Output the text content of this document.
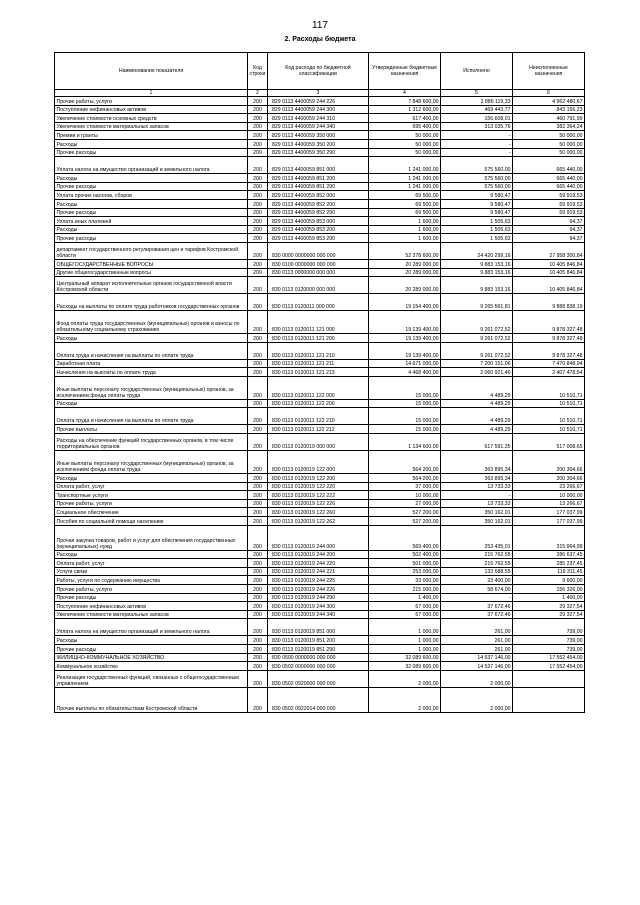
117
2. Расходы бюджета
Наименование показателя	Код строки	Код расхода по бюджетной классификации	Утвержденные бюджетные назначения	Исполнено	Неисполненные назначения
1	2	3	4	5	6
Прочие работы, услуги	200	829 0113 4400059 244 226	7 848 600,00	2 886 119,33	4 962 480,67
Поступление нефинансовых активов	200	829 0113 4400059 244 300	1 312 600,00	469 443,77	843 156,23
Увеличение стоимости основных средств	200	829 0113 4400059 244 310	617 400,00	156 608,01	460 791,99
Увеличение стоимости материальных запасов	200	829 0113 4400059 244 340	695 400,00	313 035,76	382 364,24
Премии и гранты	200	829 0113 4400059 350 000	50 000,00	-	50 000,00
Расходы	200	829 0113 4400059 350 200	50 000,00	-	50 000,00
Прочие расходы	200	829 0113 4400059 350 290	50 000,00	-	50 000,00
Уплата налога на имущество организаций и земельного налога	200	829 0113 4400059 851 000	1 241 000,00	575 560,00	665 440,00
Расходы	200	829 0113 4400059 851 200	1 241 000,00	575 560,00	665 440,00
Прочие расходы	200	829 0113 4400059 851 290	1 241 000,00	575 560,00	665 440,00
Уплата прочих налогов, сборов	200	829 0113 4400059 852 000	69 500,00	9 580,47	59 919,53
Расходы	200	829 0113 4400059 852 200	69 500,00	9 580,47	59 919,53
Прочие расходы	200	829 0113 4400059 852 290	69 500,00	9 580,47	59 919,53
Уплата иных платежей	200	829 0113 4400059 853 000	1 600,00	1 505,63	94,37
Расходы	200	829 0113 4400059 853 200	1 600,00	1 505,63	94,37
Прочие расходы	200	829 0113 4400059 853 290	1 600,00	1 505,63	94,37
департамент государственного регулирования цен и тарифов Костромской области	200	830 0000 0000000 000 000	52 378 600,00	24 420 299,16	27 958 300,84
ОБЩЕГОСУДАРСТВЕННЫЕ ВОПРОСЫ	200	830 0100 0000000 000 000	20 289 000,00	9 883 153,16	10 405 846,84
Другие общегосударственные вопросы	200	830 0113 0000000 000 000	20 289 000,00	9 883 153,16	10 405 846,84
Центральный аппарат исполнительных органов государственной власти Костромской области	200	830 0113 0120000 000 000	20 289 000,00	9 883 153,16	10 405 846,84
Расходы на выплаты по оплате труда работников государственных органов	200	830 0113 0120011 000 000	19 154 400,00	9 265 561,81	9 888 838,19
Фонд оплаты труда государственных (муниципальных) органов и взносы по обязательному социальному страхованию	200	830 0113 0120011 121 000	19 139 400,00	9 261 072,52	9 878 327,48
Расходы	200	830 0113 0120011 121 200	19 139 400,00	9 261 072,52	9 878 327,48
Оплата труда и начисления на выплаты по оплате труда	200	830 0113 0120011 121 210	19 139 400,00	9 261 072,52	9 878 327,48
Заработная плата	200	830 0113 0120011 121 211	14 671 000,00	7 200 151,06	7 470 848,94
Начисления на выплаты по оплате труда	200	830 0113 0120011 121 213	4 468 400,00	2 060 921,46	2 407 478,54
Иные выплаты персоналу государственных (муниципальных) органов, за исключением фонда оплаты труда	200	830 0113 0120011 122 000	15 000,00	4 489,29	10 510,71
Расходы	200	830 0113 0120011 122 200	15 000,00	4 489,29	10 510,71
Оплата труда и начисления на выплаты по оплате труда	200	830 0113 0120011 122 210	15 000,00	4 489,29	10 510,71
Прочие выплаты	200	830 0113 0120011 122 212	15 000,00	4 489,29	10 510,71
Расходы на обеспечение функций государственных органов, в том числе территориальных органов	200	830 0113 0120019 000 000	1 134 600,00	617 591,35	517 008,65
Иные выплаты персоналу государственных (муниципальных) органов, за исключением фонда оплаты труда	200	830 0113 0120019 122 000	564 200,00	363 895,34	200 304,66
Расходы	200	830 0113 0120019 122 200	564 200,00	363 895,34	200 304,66
Оплата работ, услуг	200	830 0113 0120019 122 220	37 000,00	13 733,33	23 266,67
Транспортные услуги	200	830 0113 0120019 122 222	10 000,00	-	10 000,00
Прочие работы, услуги	200	830 0113 0120019 122 226	27 000,00	13 733,33	13 266,67
Социальное обеспечение	200	830 0113 0120019 122 260	527 200,00	350 162,01	177 037,99
Пособия по социальной помощи населению	200	830 0113 0120019 122 262	527 200,00	350 162,01	177 037,99
Прочая закупка товаров, работ и услуг для обеспечения государственных (муниципальных) нужд	200	830 0113 0120019 244 000	569 400,00	253 435,01	315 964,99
Расходы	200	830 0113 0120019 244 200	502 400,00	215 762,55	286 637,45
Оплата работ, услуг	200	830 0113 0120019 244 220	501 000,00	215 762,55	285 237,45
Услуги связи	200	830 0113 0120019 244 221	253 000,00	133 688,55	119 311,45
Работы, услуги по содержанию имущества	200	830 0113 0120019 244 225	33 000,00	23 400,00	9 600,00
Прочие работы, услуги	200	830 0113 0120019 244 226	215 000,00	58 674,00	156 326,00
Прочие расходы	200	830 0113 0120019 244 290	1 400,00	-	1 400,00
Поступление нефинансовых активов	200	830 0113 0120019 244 300	67 000,00	37 672,46	29 327,54
Увеличение стоимости материальных запасов	200	830 0113 0120019 244 340	67 000,00	37 672,46	29 327,54
Уплата налога на имущество организаций и земельного налога	200	830 0113 0120019 851 000	1 000,00	261,00	739,00
Расходы	200	830 0113 0120019 851 200	1 000,00	261,00	739,00
Прочие расходы	200	830 0113 0120019 851 290	1 000,00	261,00	739,00
ЖИЛИЩНО-КОММУНАЛЬНОЕ ХОЗЯЙСТВО	200	830 0500 0000000 000 000	32 089 600,00	14 537 146,00	17 552 454,00
Коммунальное хозяйство	200	830 0502 0000000 000 000	32 089 600,00	14 537 146,00	17 552 454,00
Реализация государственных функций, связанных с общегосударственным управлением	200	830 0502 0920000 000 000	2 000,00	2 000,00	
Прочие выплаты по обязательствам Костромской области	200	830 0502 0922014 000 000	2 000,00	2 000,00	
